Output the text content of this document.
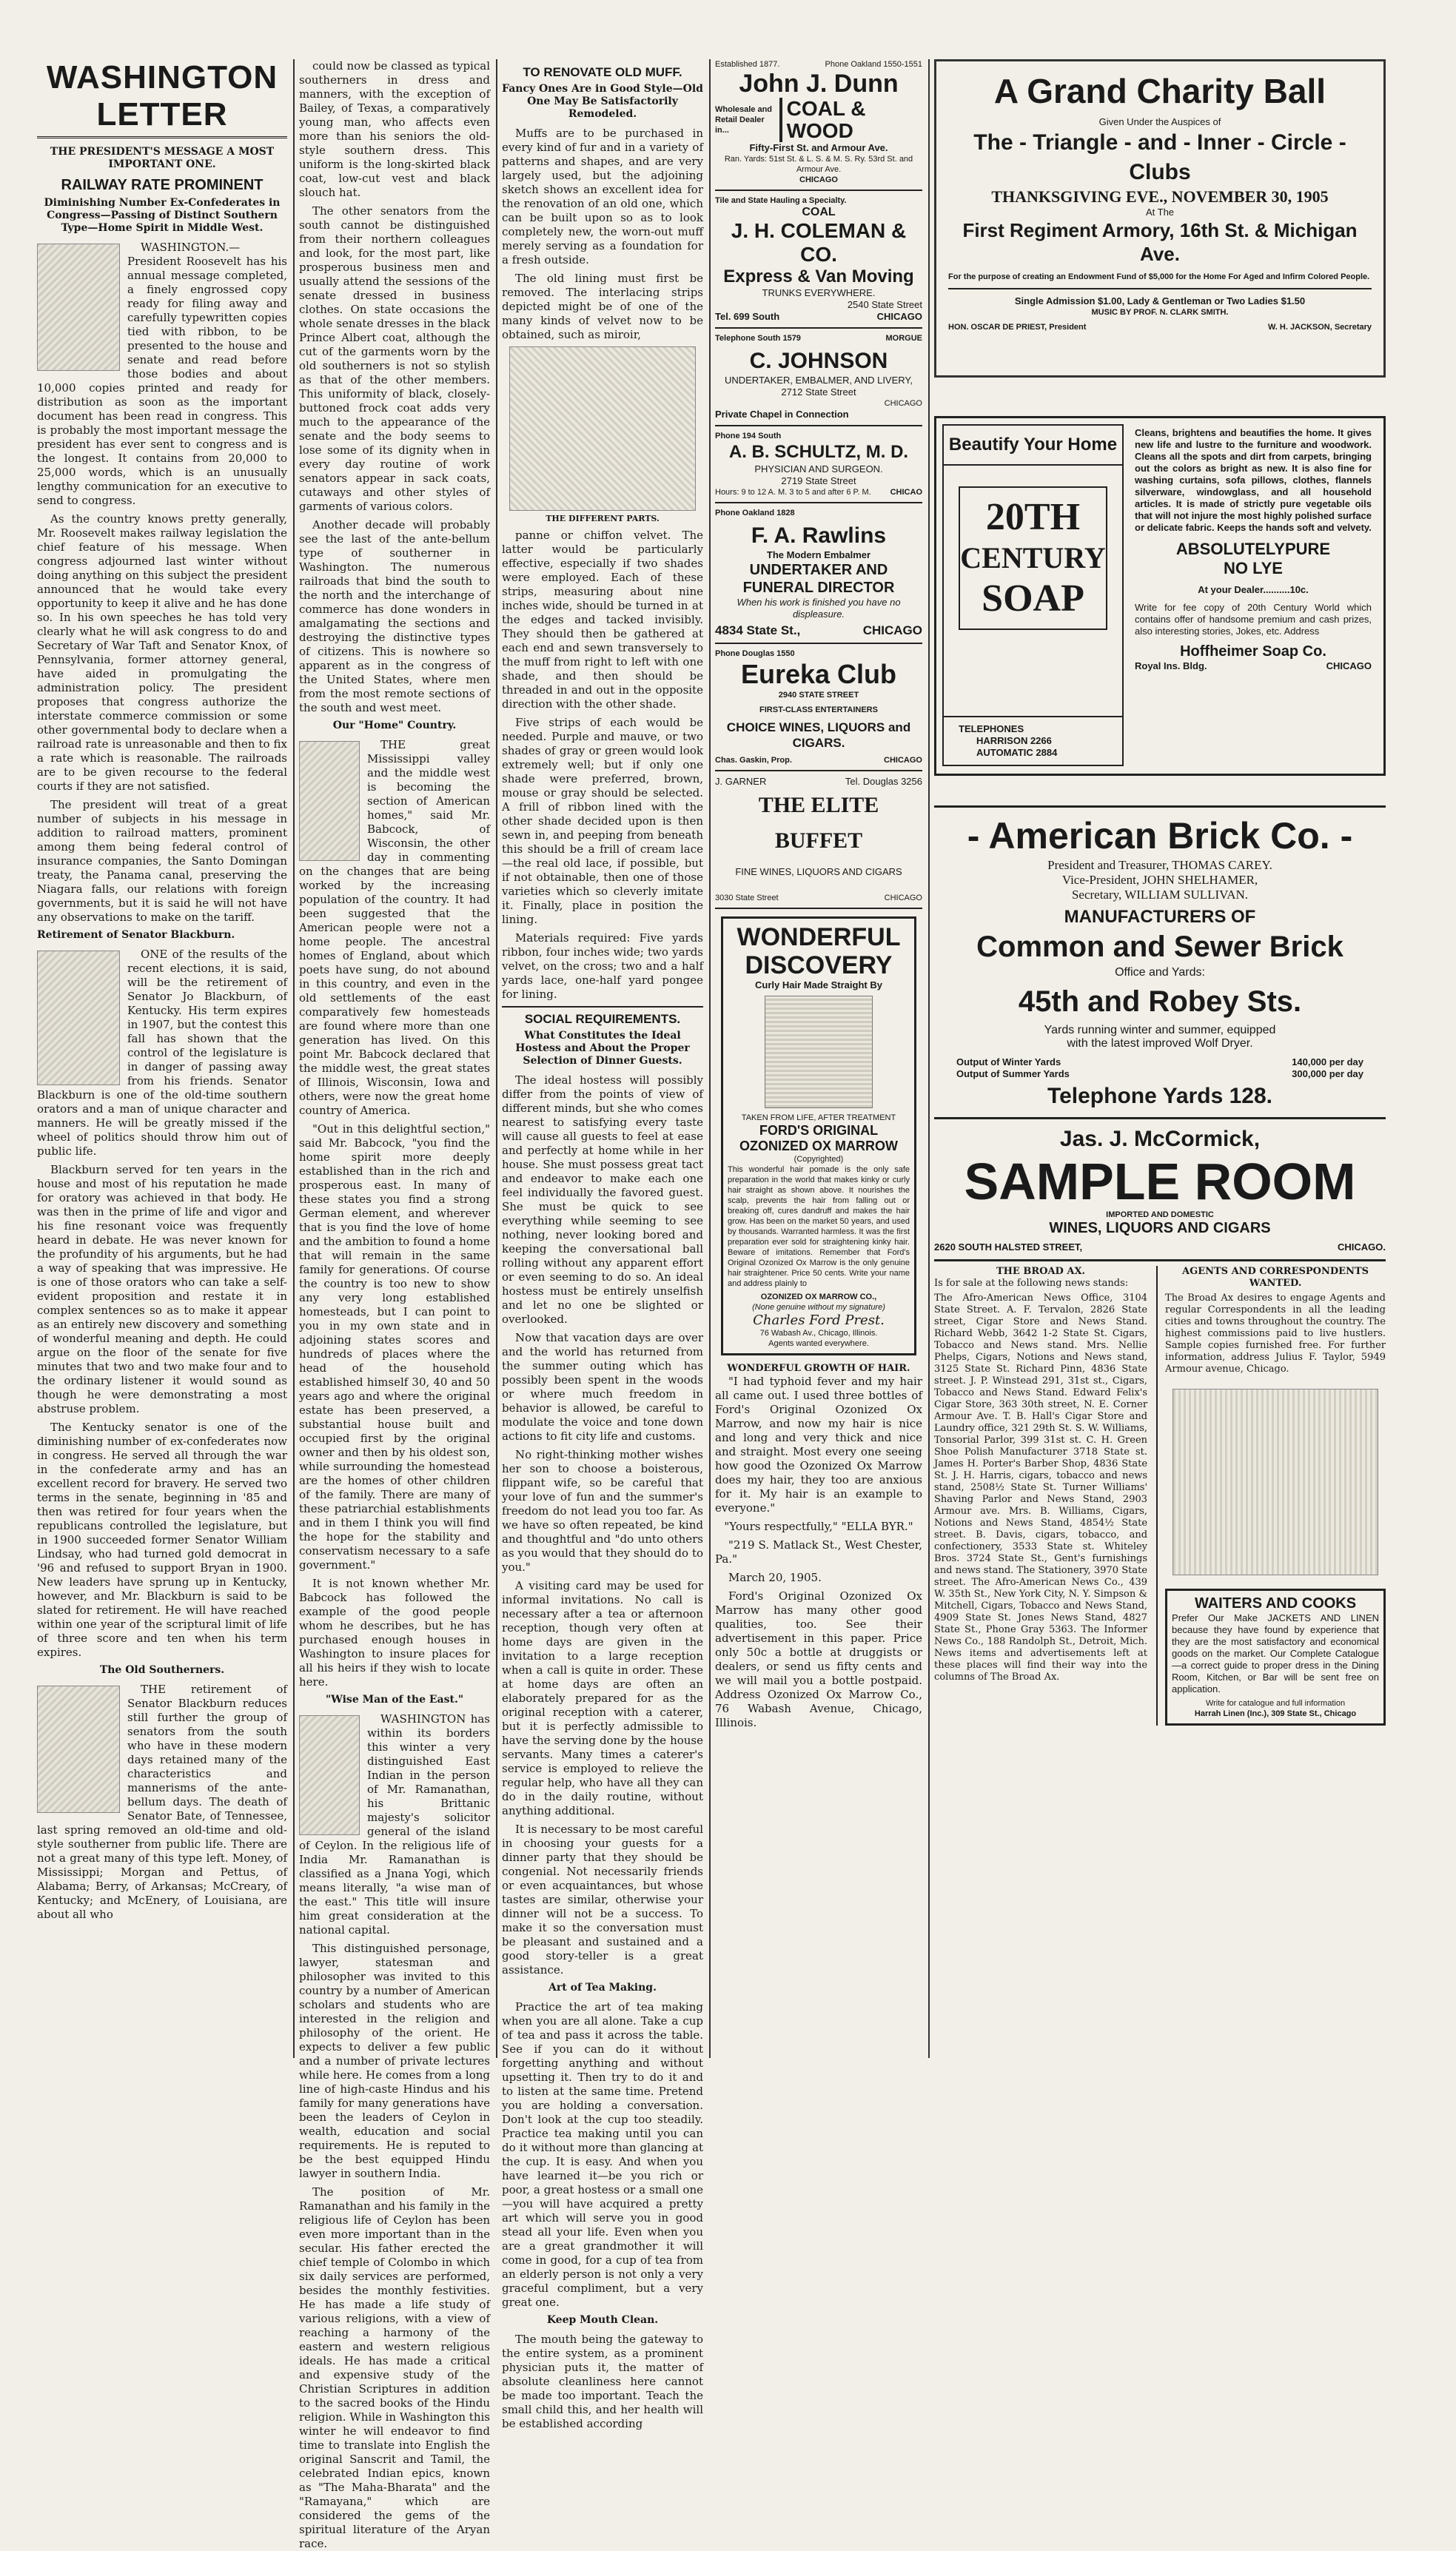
WASHINGTON LETTER
THE PRESIDENT'S MESSAGE A MOST IMPORTANT ONE.
RAILWAY RATE PROMINENT
Diminishing Number Ex-Confederates in Congress—Passing of Distinct Southern Type—Home Spirit in Middle West.

WASHINGTON.—President Roosevelt has his annual message completed, a finely engrossed copy ready for filing away and carefully typewritten copies tied with ribbon, to be presented to the house and senate and read before those bodies and about 10,000 copies printed and ready for distribution as soon as the important document has been read in congress. This is probably the most important message the president has ever sent to congress and is the longest. It contains from 20,000 to 25,000 words, which is an unusually lengthy communication for an executive to send to congress.

As the country knows pretty generally, Mr. Roosevelt makes railway legislation the chief feature of his message. When congress adjourned last winter without doing anything on this subject the president announced that he would take every opportunity to keep it alive and he has done so. In his own speeches he has told very clearly what he will ask congress to do and Secretary of War Taft and Senator Knox, of Pennsylvania, former attorney general, have aided in promulgating the administration policy. The president proposes that congress authorize the interstate commerce commission or some other governmental body to declare when a railroad rate is unreasonable and then to fix a rate which is reasonable. The railroads are to be given recourse to the federal courts if they are not satisfied.

The president will treat of a great number of subjects in his message in addition to railroad matters, prominent among them being federal control of insurance companies, the Santo Domingan treaty, the Panama canal, preserving the Niagara falls, our relations with foreign governments, but it is said he will not have any observations to make on the tariff.

Retirement of Senator Blackburn.

ONE of the results of the recent elections, it is said, will be the retirement of Senator Jo Blackburn, of Kentucky. His term expires in 1907, but the contest this fall has shown that the control of the legislature is in danger of passing away from his friends. Senator Blackburn is one of the old-time southern orators and a man of unique character and manners. He will be greatly missed if the wheel of politics should throw him out of public life.

Blackburn served for ten years in the house and most of his reputation he made for oratory was achieved in that body. He was then in the prime of life and vigor and his fine resonant voice was frequently heard in debate. He was never known for the profundity of his arguments, but he had a way of speaking that was impressive. He is one of those orators who can take a self-evident proposition and restate it in complex sentences so as to make it appear as an entirely new discovery and something of wonderful meaning and depth. He could argue on the floor of the senate for five minutes that two and two make four and to the ordinary listener it would sound as though he were demonstrating a most abstruse problem.

The Kentucky senator is one of the diminishing number of ex-confederates now in congress. He served all through the war in the confederate army and has an excellent record for bravery. He served two terms in the senate, beginning in '85 and then was retired for four years when the republicans controlled the legislature, but in 1900 succeeded former Senator William Lindsay, who had turned gold democrat in '96 and refused to support Bryan in 1900. New leaders have sprung up in Kentucky, however, and Mr. Blackburn is said to be slated for retirement. He will have reached within one year of the scriptural limit of life of three score and ten when his term expires.

The Old Southerners.

THE retirement of Senator Blackburn reduces still further the group of senators from the south who have in these modern days retained many of the characteristics and mannerisms of the ante-bellum days. The death of Senator Bate, of Tennessee, last spring removed an old-time and old-style southerner from public life. There are not a great many of this type left. Money, of Mississippi; Morgan and Pettus, of Alabama; Berry, of Arkansas; McCreary, of Kentucky; and McEnery, of Louisiana, are about all who

could now be classed as typical southerners in dress and manners, with the exception of Bailey, of Texas, a comparatively young man, who affects even more than his seniors the old-style southern dress. This uniform is the long-skirted black coat, low-cut vest and black slouch hat.

The other senators from the south cannot be distinguished from their northern colleagues and look, for the most part, like prosperous business men and usually attend the sessions of the senate dressed in business clothes. On state occasions the whole senate dresses in the black Prince Albert coat, although the cut of the garments worn by the old southerners is not so stylish as that of the other members. This uniformity of black, closely-buttoned frock coat adds very much to the appearance of the senate and the body seems to lose some of its dignity when in every day routine of work senators appear in sack coats, cutaways and other styles of garments of various colors.

Another decade will probably see the last of the ante-bellum type of southerner in Washington. The numerous railroads that bind the south to the north and the interchange of commerce has done wonders in amalgamating the sections and destroying the distinctive types of citizens. This is nowhere so apparent as in the congress of the United States, where men from the most remote sections of the south and west meet.

Our "Home" Country.

THE great Mississippi valley and the middle west is becoming the section of American homes," said Mr. Babcock, of Wisconsin, the other day in commenting on the changes that are being worked by the increasing population of the country. It had been suggested that the American people were not a home people. The ancestral homes of England, about which poets have sung, do not abound in this country, and even in the old settlements of the east comparatively few homesteads are found where more than one generation has lived. On this point Mr. Babcock declared that the middle west, the great states of Illinois, Wisconsin, Iowa and others, were now the great home country of America.

"Out in this delightful section," said Mr. Babcock, "you find the home spirit more deeply established than in the rich and prosperous east. In many of these states you find a strong German element, and wherever that is you find the love of home and the ambition to found a home that will remain in the same family for generations. Of course the country is too new to show any very long established homesteads, but I can point to you in my own state and in adjoining states scores and hundreds of places where the head of the household established himself 30, 40 and 50 years ago and where the original estate has been preserved, a substantial house built and occupied first by the original owner and then by his oldest son, while surrounding the homestead are the homes of other children of the family. There are many of these patriarchial establishments and in them I think you will find the hope for the stability and conservatism necessary to a safe government."

It is not known whether Mr. Babcock has followed the example of the good people whom he describes, but he has purchased enough houses in Washington to insure places for all his heirs if they wish to locate here.

"Wise Man of the East."

WASHINGTON has within its borders this winter a very distinguished East Indian in the person of Mr. Ramanathan, his Brittanic majesty's solicitor general of the island of Ceylon. In the religious life of India Mr. Ramanathan is classified as a Jnana Yogi, which means literally, "a wise man of the east." This title will insure him great consideration at the national capital.

This distinguished personage, lawyer, statesman and philosopher was invited to this country by a number of American scholars and students who are interested in the religion and philosophy of the orient. He expects to deliver a few public and a number of private lectures while here. He comes from a long line of high-caste Hindus and his family for many generations have been the leaders of Ceylon in wealth, education and social requirements. He is reputed to be the best equipped Hindu lawyer in southern India.

The position of Mr. Ramanathan and his family in the religious life of Ceylon has been even more important than in the secular. His father erected the chief temple of Colombo in which six daily services are performed, besides the monthly festivities. He has made a life study of various religions, with a view of reaching a harmony of the eastern and western religious ideals. He has made a critical and expensive study of the Christian Scriptures in addition to the sacred books of the Hindu religion. While in Washington this winter he will endeavor to find time to translate into English the original Sanscrit and Tamil, the celebrated Indian epics, known as "The Maha-Bharata" and the "Ramayana," which are considered the gems of the spiritual literature of the Aryan race.

TO RENOVATE OLD MUFF.
Fancy Ones Are in Good Style—Old One May Be Satisfactorily Remodeled.

Muffs are to be purchased in every kind of fur and in a variety of patterns and shapes, and are very largely used, but the adjoining sketch shows an excellent idea for the renovation of an old one, which can be built upon so as to look completely new, the worn-out muff merely serving as a foundation for a fresh outside.

The old lining must first be removed. The interlacing strips depicted might be of one of the many kinds of velvet now to be obtained, such as miroir,

THE DIFFERENT PARTS.

panne or chiffon velvet. The latter would be particularly effective, especially if two shades were employed. Each of these strips, measuring about nine inches wide, should be turned in at the edges and tacked invisibly. They should then be gathered at each end and sewn transversely to the muff from right to left with one shade, and then should be threaded in and out in the opposite direction with the other shade.

Five strips of each would be needed. Purple and mauve, or two shades of gray or green would look extremely well; but if only one shade were preferred, brown, mouse or gray should be selected. A frill of ribbon lined with the other shade decided upon is then sewn in, and peeping from beneath this should be a frill of cream lace—the real old lace, if possible, but if not obtainable, then one of those varieties which so cleverly imitate it. Finally, place in position the lining.

Materials required: Five yards ribbon, four inches wide; two yards velvet, on the cross; two and a half yards lace, one-half yard pongee for lining.

SOCIAL REQUIREMENTS.
What Constitutes the Ideal Hostess and About the Proper Selection of Dinner Guests.

The ideal hostess will possibly differ from the points of view of different minds, but she who comes nearest to satisfying every taste will cause all guests to feel at ease and perfectly at home while in her house. She must possess great tact and endeavor to make each one feel individually the favored guest. She must be quick to see everything while seeming to see nothing, never looking bored and keeping the conversational ball rolling without any apparent effort or even seeming to do so. An ideal hostess must be entirely unselfish and let no one be slighted or overlooked.

Now that vacation days are over and the world has returned from the summer outing which has possibly been spent in the woods or where much freedom in behavior is allowed, be careful to modulate the voice and tone down actions to fit city life and customs.

No right-thinking mother wishes her son to choose a boisterous, flippant wife, so be careful that your love of fun and the summer's freedom do not lead you too far. As we have so often repeated, be kind and thoughtful and "do unto others as you would that they should do to you."

A visiting card may be used for informal invitations. No call is necessary after a tea or afternoon reception, though very often at home days are given in the invitation to a large reception when a call is quite in order. These at home days are often an elaborately prepared for as the original reception with a caterer, but it is perfectly admissible to have the serving done by the house servants. Many times a caterer's service is employed to relieve the regular help, who have all they can do in the daily routine, without anything additional.

It is necessary to be most careful in choosing your guests for a dinner party that they should be congenial. Not necessarily friends or even acquaintances, but whose tastes are similar, otherwise your dinner will not be a success. To make it so the conversation must be pleasant and sustained and a good story-teller is a great assistance.

Art of Tea Making.

Practice the art of tea making when you are all alone. Take a cup of tea and pass it across the table. See if you can do it without forgetting anything and without upsetting it. Then try to do it and to listen at the same time. Pretend you are holding a conversation. Don't look at the cup too steadily. Practice tea making until you can do it without more than glancing at the cup. It is easy. And when you have learned it—be you rich or poor, a great hostess or a small one—you will have acquired a pretty art which will serve you in good stead all your life. Even when you are a great grandmother it will come in good, for a cup of tea from an elderly person is not only a very graceful compliment, but a very great one.

Keep Mouth Clean.

The mouth being the gateway to the entire system, as a prominent physician puts it, the matter of absolute cleanliness here cannot be made too important. Teach the small child this, and her health will be established according

Established 1877.	Phone Oakland 1550-1551
John J. Dunn
Wholesale and Retail Dealer in...
COAL & WOOD
Fifty-First St. and Armour Ave.
Ran. Yards: 51st St. & L. S. & M. S. Ry. 53rd St. and Armour Ave.
CHICAGO
Tile and State Hauling a Specialty.
COAL
J. H. COLEMAN & CO.
Express & Van Moving
TRUNKS EVERYWHERE.
2540 State Street
Tel. 699 South	CHICAGO
Telephone South 1579	MORGUE
C. JOHNSON
UNDERTAKER, EMBALMER, AND LIVERY,
2712 State Street
CHICAGO
Private Chapel in Connection
Phone 194 South
A. B. SCHULTZ, M. D.
PHYSICIAN AND SURGEON.
2719 State Street
Hours: 9 to 12 A. M. 3 to 5 and after 6 P. M. CHICAO
Phone Oakland 1828
F. A. Rawlins
The Modern Embalmer
UNDERTAKER AND FUNERAL DIRECTOR
When his work is finished you have no displeasure.
4834 State St.,	CHICAGO
Phone Douglas 1550
Eureka Club
2940 STATE STREET
FIRST-CLASS ENTERTAINERS
CHOICE WINES, LIQUORS and CIGARS.
Chas. Gaskin, Prop.	CHICAGO
J. GARNER	Tel. Douglas 3256
THE ELITE BUFFET
FINE WINES, LIQUORS AND CIGARS
3030 State Street	CHICAGO
WONDERFUL
DISCOVERY
Curly Hair Made Straight By
TAKEN FROM LIFE, AFTER TREATMENT
FORD'S ORIGINAL
OZONIZED OX MARROW
(Copyrighted)
This wonderful hair pomade is the only safe preparation in the world that makes kinky or curly hair straight as shown above. It nourishes the scalp, prevents the hair from falling out or breaking off, cures dandruff and makes the hair grow. Has been on the market 50 years, and used by thousands. Warranted harmless. It was the first preparation ever sold for straightening kinky hair. Beware of imitations. Remember that Ford's Original Ozonized Ox Marrow is the only genuine hair straightener. Price 50 cents. Write your name and address plainly to
OZONIZED OX MARROW CO.,
(None genuine without my signature)
Charles Ford Prest.
76 Wabash Av., Chicago, Illinois.
Agents wanted everywhere.
WONDERFUL GROWTH OF HAIR.

"I had typhoid fever and my hair all came out. I used three bottles of Ford's Original Ozonized Ox Marrow, and now my hair is nice and long and very thick and nice and straight. Most every one seeing how good the Ozonized Ox Marrow does my hair, they too are anxious for it. My hair is an example to everyone."

"Yours respectfully," "ELLA BYR."

"219 S. Matlack St., West Chester, Pa."

March 20, 1905.

Ford's Original Ozonized Ox Marrow has many other good qualities, too. See their advertisement in this paper. Price only 50c a bottle at druggists or dealers, or send us fifty cents and we will mail you a bottle postpaid. Address Ozonized Ox Marrow Co., 76 Wabash Avenue, Chicago, Illinois.

A Grand Charity Ball
Given Under the Auspices of
The - Triangle - and - Inner - Circle - Clubs
THANKSGIVING EVE., NOVEMBER 30, 1905
At The
First Regiment Armory, 16th St. & Michigan Ave.
For the purpose of creating an Endowment Fund of $5,000 for the Home For Aged and Infirm Colored People.
Single Admission $1.00, Lady & Gentleman or Two Ladies $1.50
MUSIC BY PROF. N. CLARK SMITH.
HON. OSCAR DE PRIEST, President	W. H. JACKSON, Secretary
Beautify Your Home
20TH
CENTURY
SOAP
TELEPHONES
HARRISON 2266
AUTOMATIC 2884
Cleans, brightens and beautifies the home. It gives new life and lustre to the furniture and woodwork. Cleans all the spots and dirt from carpets, bringing out the colors as bright as new. It is also fine for washing curtains, sofa pillows, clothes, flannels silverware, windowglass, and all household articles. It is made of strictly pure vegetable oils that will not injure the most highly polished surface or delicate fabric. Keeps the hands soft and velvety.
ABSOLUTELYPURE
NO LYE
At your Dealer..........10c.
Write for fee copy of 20th Century World which contains offer of handsome premium and cash prizes, also interesting stories, Jokes, etc. Address
Hoffheimer Soap Co.
Royal Ins. Bldg.	CHICAGO
- American Brick Co. -
President and Treasurer, THOMAS CAREY.
Vice-President, JOHN SHELHAMER,
Secretary, WILLIAM SULLIVAN.
MANUFACTURERS OF
Common and Sewer Brick
Office and Yards:
45th and Robey Sts.
Yards running winter and summer, equipped
with the latest improved Wolf Dryer.
Output of Winter Yards	140,000 per day
Output of Summer Yards	300,000 per day
Telephone Yards 128.
Jas. J. McCormick,
SAMPLE ROOM
IMPORTED AND DOMESTIC
WINES, LIQUORS AND CIGARS
2620 SOUTH HALSTED STREET,	CHICAGO.
THE BROAD AX.
Is for sale at the following news stands:
The Afro-American News Office, 3104 State Street. A. F. Tervalon, 2826 State street, Cigar Store and News Stand. Richard Webb, 3642 1-2 State St. Cigars, Tobacco and News stand. Mrs. Nellie Phelps, Cigars, Notions and News stand, 3125 State St. Richard Pinn, 4836 State street. J. P. Winstead 291, 31st st., Cigars, Tobacco and News Stand. Edward Felix's Cigar Store, 363 30th street, N. E. Corner Armour Ave. T. B. Hall's Cigar Store and Laundry office, 321 29th St. S. W. Williams, Tonsorial Parlor, 399 31st st. C. H. Green Shoe Polish Manufacturer 3718 State st. James H. Porter's Barber Shop, 4836 State St. J. H. Harris, cigars, tobacco and news stand, 2508½ State St. Turner Williams' Shaving Parlor and News Stand, 2903 Armour ave. Mrs. B. Williams, Cigars, Notions and News Stand, 4854½ State street. B. Davis, cigars, tobacco, and confectionery, 3533 State st. Whiteley Bros. 3724 State St., Gent's furnishings and news stand. The Stationery, 3970 State street. The Afro-American News Co., 439 W. 35th St., New York City, N. Y. Simpson & Mitchell, Cigars, Tobacco and News Stand, 4909 State St. Jones News Stand, 4827 State St., Phone Gray 5363. The Informer News Co., 188 Randolph St., Detroit, Mich. News items and advertisements left at these places will find their way into the columns of The Broad Ax.
AGENTS AND CORRESPONDENTS WANTED.
The Broad Ax desires to engage Agents and regular Correspondents in all the leading cities and towns throughout the country. The highest commissions paid to live hustlers. Sample copies furnished free. For further information, address Julius F. Taylor, 5949 Armour avenue, Chicago.
WAITERS AND COOKS
Prefer Our Make JACKETS AND LINEN because they have found by experience that they are the most satisfactory and economical goods on the market. Our Complete Catalogue—a correct guide to proper dress in the Dining Room, Kitchen, or Bar will be sent free on application.
Write for catalogue and full information
Harrah Linen (Inc.), 309 State St., Chicago
